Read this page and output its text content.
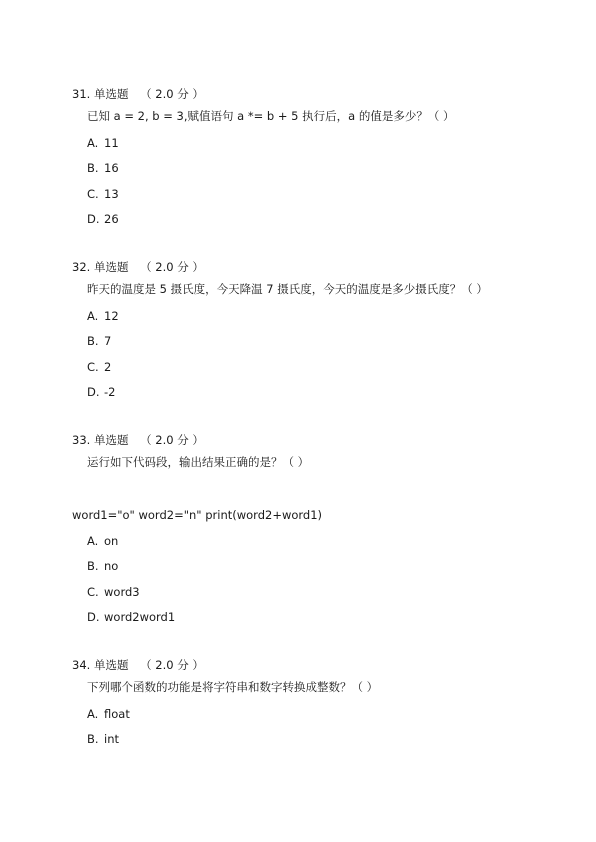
31. 单选题 （ 2.0 分 ）
已知 a = 2, b = 3,赋值语句 a *= b + 5 执行后，a 的值是多少？（ ）
A. 11
B. 16
C. 13
D. 26
32. 单选题 （ 2.0 分 ）
昨天的温度是 5 摄氏度，今天降温 7 摄氏度，今天的温度是多少摄氏度？（ ）
A. 12
B. 7
C. 2
D. -2
33. 单选题 （ 2.0 分 ）
运行如下代码段，输出结果正确的是？（ ）
word1="o" word2="n" print(word2+word1)
A. on
B. no
C. word3
D. word2word1
34. 单选题 （ 2.0 分 ）
下列哪个函数的功能是将字符串和数字转换成整数？（ ）
A. float
B. int
